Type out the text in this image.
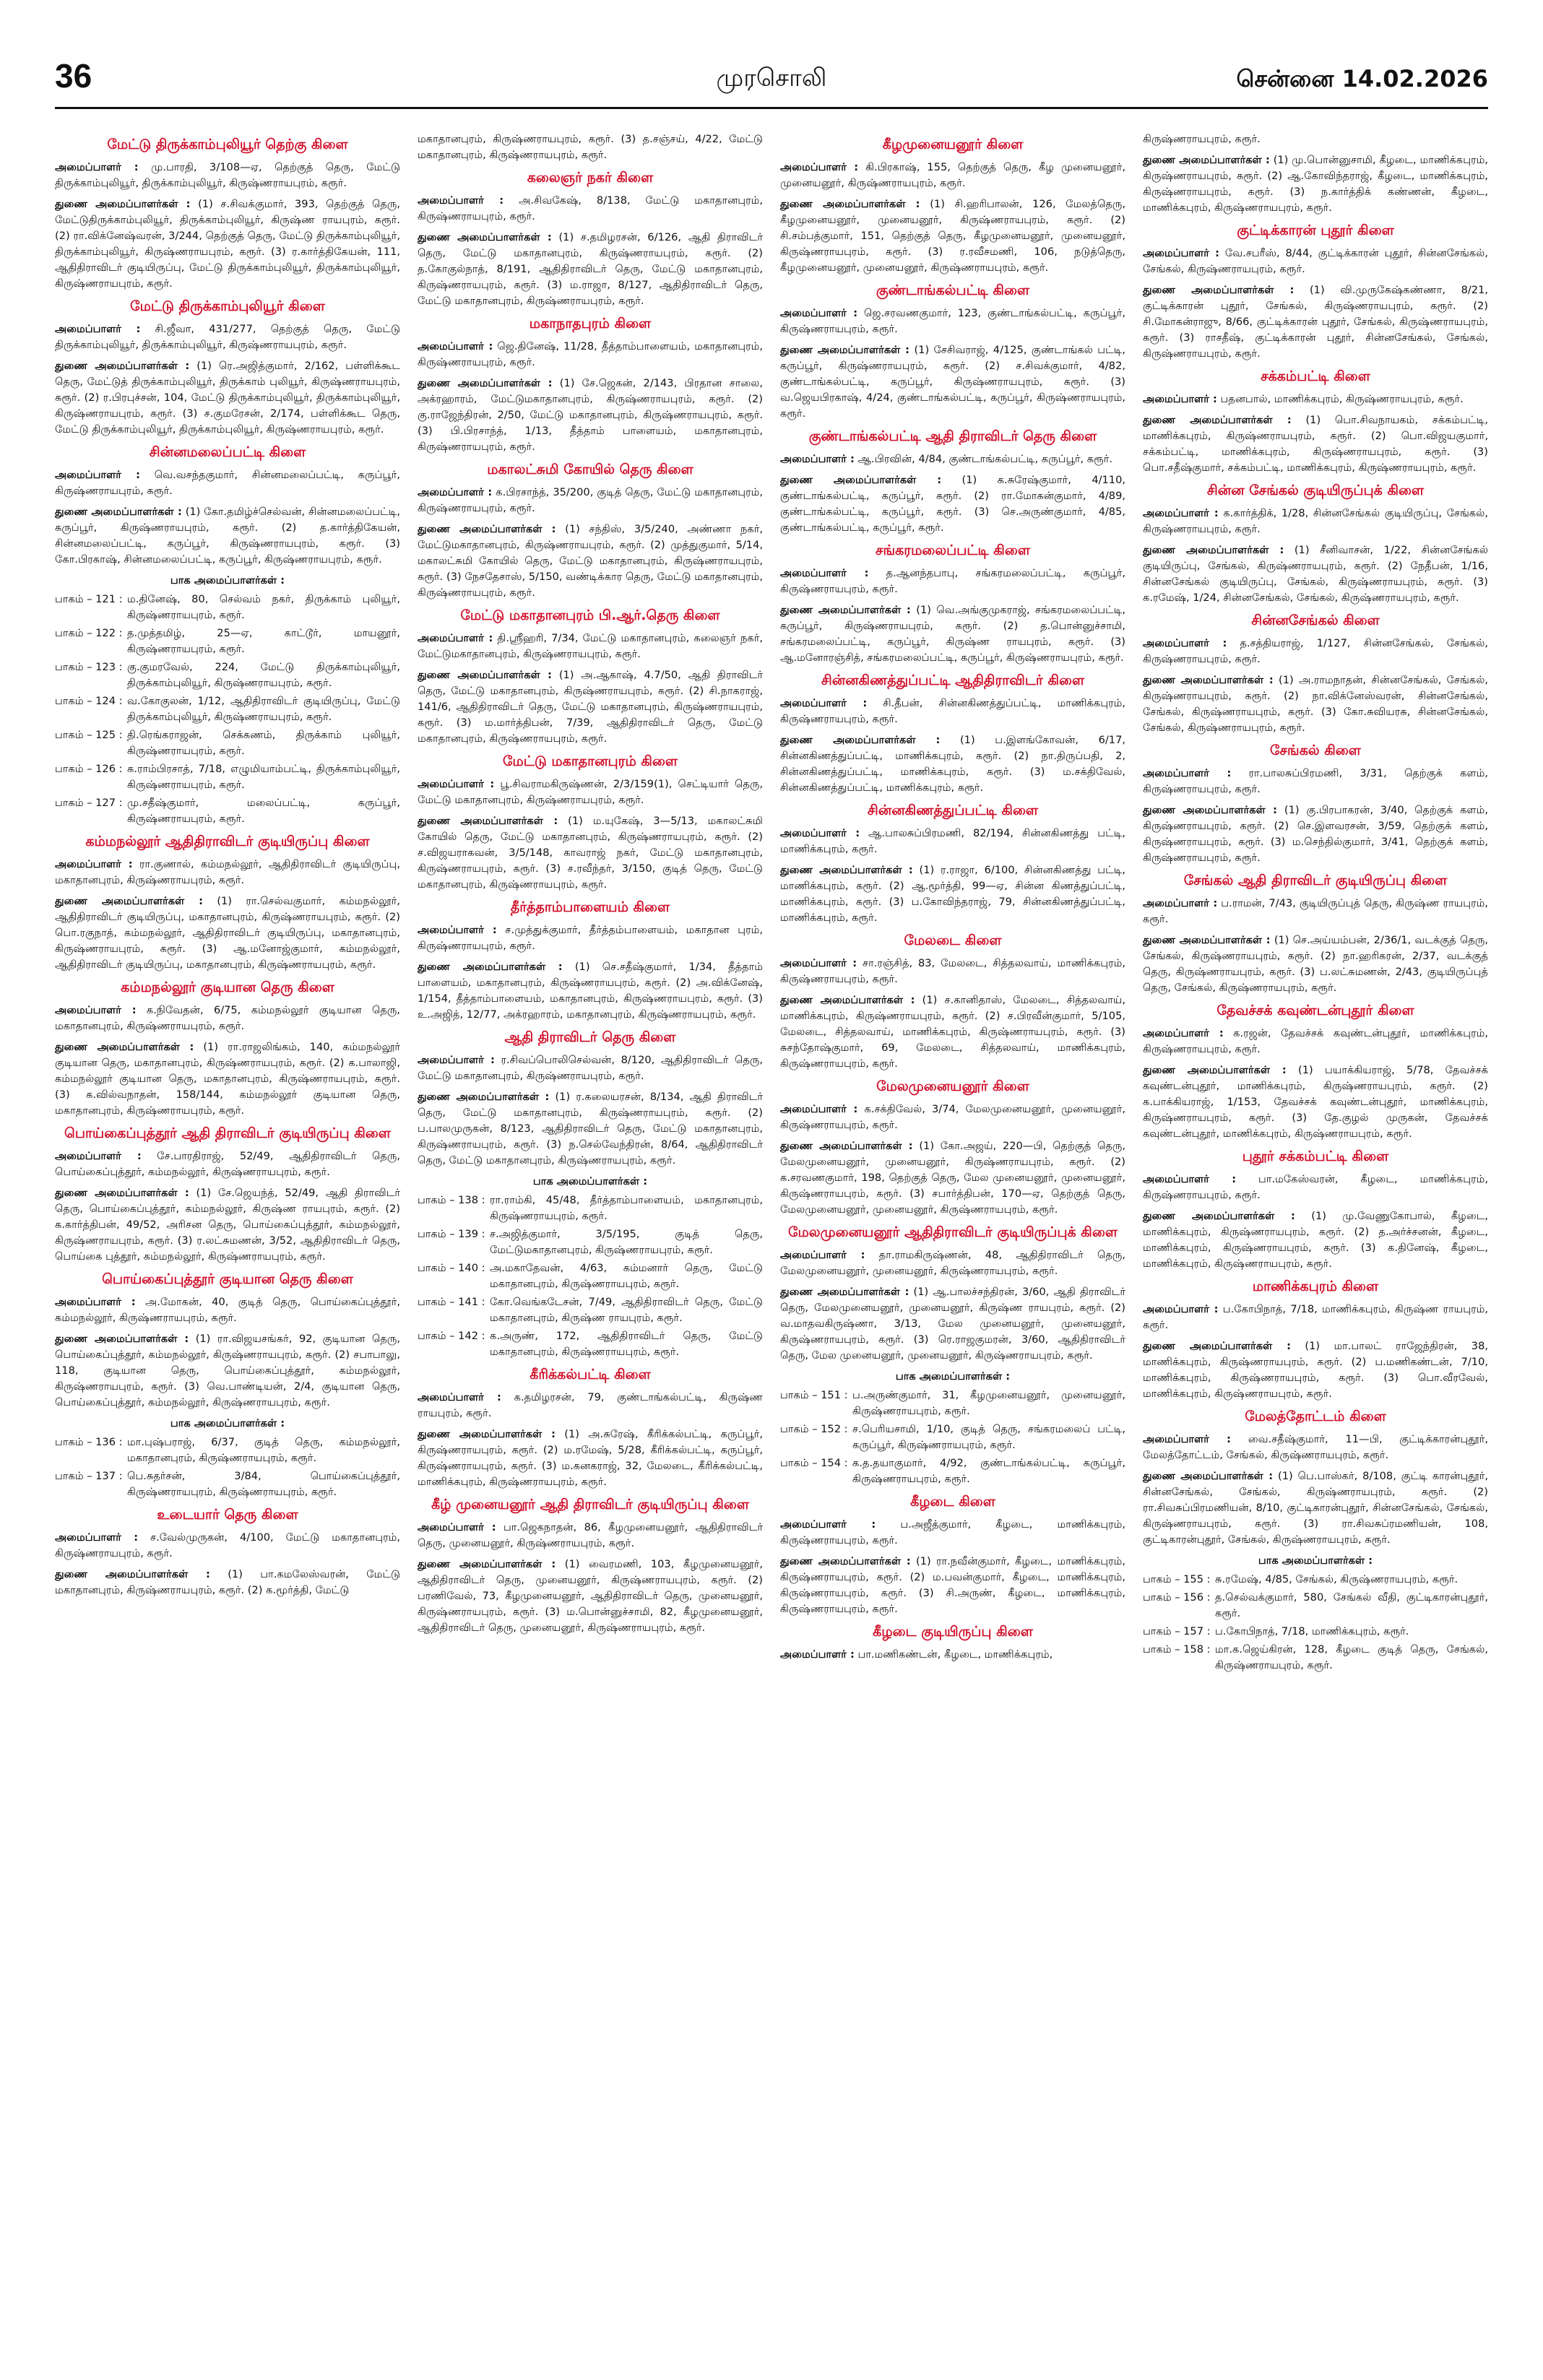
36	முரசொலி	சென்னை 14.02.2026
மேட்டு திருக்காம்புலியூர் தெற்கு கிளை

அமைப்பாளர் : மு.பாரதி, 3/108—ஏ, தெற்குத் தெரு, மேட்டு திருக்காம்புலியூர், திருக்காம்புலியூர், கிருஷ்ணராயபுரம், கரூர்.

துணை அமைப்பாளர்கள் : (1) ச.சிவக்குமார், 393, தெற்குத் தெரு, மேட்டுதிருக்காம்புலியூர், திருக்காம்புலியூர், கிருஷ்ண ராயபுரம், கரூர். (2) ரா.விக்னேஷ்வரன், 3/244, தெற்குத் தெரு, மேட்டு திருக்காம்புலியூர், திருக்காம்புலியூர், கிருஷ்ணராயபுரம், கரூர். (3) ர.கார்த்திகேயன், 111, ஆதிதிராவிடர் குடியிருப்பு, மேட்டு திருக்காம்புலியூர், திருக்காம்புலியூர், கிருஷ்ணராயபுரம், கரூர்.

மேட்டு திருக்காம்புலியூர் கிளை

அமைப்பாளர் : சி.ஜீவா, 431/277, தெற்குத் தெரு, மேட்டு திருக்காம்புலியூர், திருக்காம்புலியூர், கிருஷ்ணராயபுரம், கரூர்.

துணை அமைப்பாளர்கள் : (1) ரெ.அஜித்குமார், 2/162, பள்ளிக்கூட தெரு, மேட்டுத் திருக்காம்புலியூர், திருக்காம் புலியூர், கிருஷ்ணராயபுரம், கரூர். (2) ர.பிரபுச்சன், 104, மேட்டு திருக்காம்புலியூர், திருக்காம்புலியூர், கிருஷ்ணராயபுரம், கரூர். (3) ச.குமரேசன், 2/174, பள்ளிக்கூட தெரு, மேட்டு திருக்காம்புலியூர், திருக்காம்புலியூர், கிருஷ்ணராயபுரம், கரூர்.

சின்னமலைப்பட்டி கிளை

அமைப்பாளர் : வெ.வசந்தகுமார், சின்னமலைப்பட்டி, கருப்பூர், கிருஷ்ணராயபுரம், கரூர்.

துணை அமைப்பாளர்கள் : (1) கோ.தமிழ்ச்செல்வன், சின்னமலைப்பட்டி, கருப்பூர், கிருஷ்ணராயபுரம், கரூர். (2) த.கார்த்திகேயன், சின்னமலைப்பட்டி, கருப்பூர், கிருஷ்ணராயபுரம், கரூர். (3) கோ.பிரகாஷ், சின்னமலைப்பட்டி, கருப்பூர், கிருஷ்ணராயபுரம், கரூர்.

பாக அமைப்பாளர்கள் :
பாகம் – 121 : ம.தினேஷ், 80, செல்வம் நகர், திருக்காம் புலியூர், கிருஷ்ணராயபுரம், கரூர்.
பாகம் – 122 : த.முத்தமிழ், 25—ஏ, காட்டூர், மாயனூர், கிருஷ்ணராயபுரம், கரூர்.
பாகம் – 123 : கு.குமரவேல், 224, மேட்டு திருக்காம்புலியூர், திருக்காம்புலியூர், கிருஷ்ணராயபுரம், கரூர்.
பாகம் – 124 : வ.கோகுலன், 1/12, ஆதிதிராவிடர் குடியிருப்பு, மேட்டு திருக்காம்புலியூர், கிருஷ்ணராயபுரம், கரூர்.
பாகம் – 125 : தி.ரெங்கராஜன், செக்கணம், திருக்காம் புலியூர், கிருஷ்ணராயபுரம், கரூர்.
பாகம் – 126 : க.ராம்பிரசாத், 7/18, எழுமியாம்பட்டி, திருக்காம்புலியூர், கிருஷ்ணராயபுரம், கரூர்.
பாகம் – 127 : மு.சதீஷ்குமார், மலைப்பட்டி, கருப்பூர், கிருஷ்ணராயபுரம், கரூர்.
கம்மநல்லூர் ஆதிதிராவிடர் குடியிருப்பு கிளை

அமைப்பாளர் : ரா.குணால், கம்மநல்லூர், ஆதிதிராவிடர் குடியிருப்பு, மகாதானபுரம், கிருஷ்ணராயபுரம், கரூர்.

துணை அமைப்பாளர்கள் : (1) ரா.செல்வகுமார், கம்மநல்லூர், ஆதிதிராவிடர் குடியிருப்பு, மகாதானபுரம், கிருஷ்ணராயபுரம், கரூர். (2) பொ.ரகுநாத், கம்மநல்லூர், ஆதிதிராவிடர் குடியிருப்பு, மகாதானபுரம், கிருஷ்ணராயபுரம், கரூர். (3) ஆ.மனோஜ்குமார், கம்மநல்லூர், ஆதிதிராவிடர் குடியிருப்பு, மகாதானபுரம், கிருஷ்ணராயபுரம், கரூர்.

கம்மநல்லூர் குடியான தெரு கிளை

அமைப்பாளர் : க.நிவேதன், 6/75, கம்மநல்லூர் குடியான தெரு, மகாதானபுரம், கிருஷ்ணராயபுரம், கரூர்.

துணை அமைப்பாளர்கள் : (1) ரா.ராஜலிங்கம், 140, கம்மநல்லூர் குடியான தெரு, மகாதானபுரம், கிருஷ்ணராயபுரம், கரூர். (2) க.பாலாஜி, கம்மநல்லூர் குடியான தெரு, மகாதானபுரம், கிருஷ்ணராயபுரம், கரூர். (3) க.வில்வநாதன், 158/144, கம்மநல்லூர் குடியான தெரு, மகாதானபுரம், கிருஷ்ணராயபுரம், கரூர்.

பொய்கைப்புத்தூர் ஆதி திராவிடர் குடியிருப்பு கிளை

அமைப்பாளர் : சே.பாரதிராஜ், 52/49, ஆதிதிராவிடர் தெரு, பொய்கைப்புத்தூர், கம்மநல்லூர், கிருஷ்ணராயபுரம், கரூர்.

துணை அமைப்பாளர்கள் : (1) சே.ஜெயந்த், 52/49, ஆதி திராவிடர் தெரு, பொய்கைப்புத்தூர், கம்மநல்லூர், கிருஷ்ண ராயபுரம், கரூர். (2) க.கார்த்திபன், 49/52, அரிசன தெரு, பொய்கைப்புத்தூர், கம்மநல்லூர், கிருஷ்ணராயபுரம், கரூர். (3) ர.லட்சுமணன், 3/52, ஆதிதிராவிடர் தெரு, பொய்கை புத்தூர், கம்மநல்லூர், கிருஷ்ணராயபுரம், கரூர்.

பொய்கைப்புத்தூர் குடியான தெரு கிளை

அமைப்பாளர் : அ.மோகன், 40, குடித் தெரு, பொய்கைப்புத்தூர், கம்மநல்லூர், கிருஷ்ணராயபுரம், கரூர்.

துணை அமைப்பாளர்கள் : (1) ரா.விஜயசங்கர், 92, குடியான தெரு, பொய்கைப்புத்தூர், கம்மநல்லூர், கிருஷ்ணராயபுரம், கரூர். (2) சபாபாலு, 118, குடியான தெரு, பொய்கைப்புத்தூர், கம்மநல்லூர், கிருஷ்ணராயபுரம், கரூர். (3) வெ.பாண்டியன், 2/4, குடியான தெரு, பொய்கைப்புத்தூர், கம்மநல்லூர், கிருஷ்ணராயபுரம், கரூர்.

பாக அமைப்பாளர்கள் :
பாகம் – 136 : மா.புஷ்பராஜ், 6/37, குடித் தெரு, கம்மநல்லூர், மகாதானபுரம், கிருஷ்ணராயபுரம், கரூர்.
பாகம் – 137 : பெ.சுதர்சன், 3/84, பொய்கைப்புத்தூர், கிருஷ்ணராயபுரம், கிருஷ்ணராயபுரம், கரூர்.
உடையார் தெரு கிளை

அமைப்பாளர் : ச.வேல்முருகன், 4/100, மேட்டு மகாதானபுரம், கிருஷ்ணராயபுரம், கரூர்.

துணை அமைப்பாளர்கள் : (1) பா.கமலேஸ்வரன், மேட்டு மகாதானபுரம், கிருஷ்ணராயபுரம், கரூர். (2) க.மூர்த்தி, மேட்டு

மகாதானபுரம், கிருஷ்ணராயபுரம், கரூர். (3) த.சஞ்சய், 4/22, மேட்டு மகாதானபுரம், கிருஷ்ணராயபுரம், கரூர்.

கலைஞர் நகர் கிளை

அமைப்பாளர் : அ.சிவகேஷ், 8/138, மேட்டு மகாதானபுரம், கிருஷ்ணராயபுரம், கரூர்.

துணை அமைப்பாளர்கள் : (1) ச.தமிழரசன், 6/126, ஆதி திராவிடர் தெரு, மேட்டு மகாதானபுரம், கிருஷ்ணராயபுரம், கரூர். (2) த.கோகுல்நாத், 8/191, ஆதிதிராவிடர் தெரு, மேட்டு மகாதானபுரம், கிருஷ்ணராயபுரம், கரூர். (3) ம.ராஜா, 8/127, ஆதிதிராவிடர் தெரு, மேட்டு மகாதானபுரம், கிருஷ்ணராயபுரம், கரூர்.

மகாநாதபுரம் கிளை

அமைப்பாளர் : ஜெ.தினேஷ், 11/28, தீத்தாம்பாளையம், மகாதானபுரம், கிருஷ்ணராயபுரம், கரூர்.

துணை அமைப்பாளர்கள் : (1) சே.ஜெகன், 2/143, பிரதான சாலை, அக்ரஹாரம், மேட்டுமகாதானபுரம், கிருஷ்ணராயபுரம், கரூர். (2) கு.ராஜேந்திரன், 2/50, மேட்டு மகாதானபுரம், கிருஷ்ணராயபுரம், கரூர். (3) பி.பிரசாந்த், 1/13, தீத்தாம் பாளையம், மகாதானபுரம், கிருஷ்ணராயபுரம், கரூர்.

மகாலட்சுமி கோயில் தெரு கிளை

அமைப்பாளர் : க.பிரசாந்த், 35/200, குடித் தெரு, மேட்டு மகாதானபுரம், கிருஷ்ணராயபுரம், கரூர்.

துணை அமைப்பாளர்கள் : (1) சந்திஸ், 3/5/240, அண்ணா நகர், மேட்டுமகாதானபுரம், கிருஷ்ணராயபுரம், கரூர். (2) முத்துகுமார், 5/14, மகாலட்சுமி கோயில் தெரு, மேட்டு மகாதானபுரம், கிருஷ்ணராயபுரம், கரூர். (3) நேசதேசாஸ், 5/150, வண்டிக்கார தெரு, மேட்டு மகாதானபுரம், கிருஷ்ணராயபுரம், கரூர்.

மேட்டு மகாதானபுரம் பி.ஆர்.தெரு கிளை

அமைப்பாளர் : தி.ஸ்ரீஹரி, 7/34, மேட்டு மகாதானபுரம், கலைஞர் நகர், மேட்டுமகாதானபுரம், கிருஷ்ணராயபுரம், கரூர்.

துணை அமைப்பாளர்கள் : (1) அ.ஆகாஷ், 4.7/50, ஆதி திராவிடர் தெரு, மேட்டு மகாதானபுரம், கிருஷ்ணராயபுரம், கரூர். (2) சி.நாகராஜ், 141/6, ஆதிதிராவிடர் தெரு, மேட்டு மகாதானபுரம், கிருஷ்ணராயபுரம், கரூர். (3) ம.மார்த்திபன், 7/39, ஆதிதிராவிடர் தெரு, மேட்டு மகாதானபுரம், கிருஷ்ணராயபுரம், கரூர்.

மேட்டு மகாதானபுரம் கிளை

அமைப்பாளர் : பூ.சிவராமகிருஷ்ணன், 2/3/159(1), செட்டியார் தெரு, மேட்டு மகாதானபுரம், கிருஷ்ணராயபுரம், கரூர்.

துணை அமைப்பாளர்கள் : (1) ம.யுகேஷ், 3—5/13, மகாலட்சுமி கோயில் தெரு, மேட்டு மகாதானபுரம், கிருஷ்ணராயபுரம், கரூர். (2) ச.விஜயராகவன், 3/5/148, காவராஜ் நகர், மேட்டு மகாதானபுரம், கிருஷ்ணராயபுரம், கரூர். (3) ச.ரவீந்தர், 3/150, குடித் தெரு, மேட்டு மகாதானபுரம், கிருஷ்ணராயபுரம், கரூர்.

தீர்த்தாம்பாளையம் கிளை

அமைப்பாளர் : ச.முத்துக்குமார், தீர்த்தம்பாளையம், மகாதான புரம், கிருஷ்ணராயபுரம், கரூர்.

துணை அமைப்பாளர்கள் : (1) செ.சதீஷ்குமார், 1/34, தீத்தாம் பாளையம், மகாதானபுரம், கிருஷ்ணராயபுரம், கரூர். (2) அ.விக்னேஷ், 1/154, தீத்தாம்பாளையம், மகாதானபுரம், கிருஷ்ணராயபுரம், கரூர். (3) உ.அஜித், 12/77, அக்ரஹாரம், மகாதானபுரம், கிருஷ்ணராயபுரம், கரூர்.

ஆதி திராவிடர் தெரு கிளை

அமைப்பாளர் : ர.சிவப்பொலிசெல்வன், 8/120, ஆதிதிராவிடர் தெரு, மேட்டு மகாதானபுரம், கிருஷ்ணராயபுரம், கரூர்.

துணை அமைப்பாளர்கள் : (1) ர.கலையரசன், 8/134, ஆதி திராவிடர் தெரு, மேட்டு மகாதானபுரம், கிருஷ்ணராயபுரம், கரூர். (2) ப.பாலமுருகன், 8/123, ஆதிதிராவிடர் தெரு, மேட்டு மகாதானபுரம், கிருஷ்ணராயபுரம், கரூர். (3) ந.செல்வேந்திரன், 8/64, ஆதிதிராவிடர் தெரு, மேட்டு மகாதானபுரம், கிருஷ்ணராயபுரம், கரூர்.

பாக அமைப்பாளர்கள் :
பாகம் – 138 : ரா.ராம்கி, 45/48, தீர்த்தாம்பாளையம், மகாதானபுரம், கிருஷ்ணராயபுரம், கரூர்.
பாகம் – 139 : ச.அஜித்குமார், 3/5/195, குடித் தெரு, மேட்டுமகாதானபுரம், கிருஷ்ணராயபுரம், கரூர்.
பாகம் – 140 : அ.மகாதேவன், 4/63, கம்மனார் தெரு, மேட்டு மகாதானபுரம், கிருஷ்ணராயபுரம், கரூர்.
பாகம் – 141 : கோ.வெங்கடேசன், 7/49, ஆதிதிராவிடர் தெரு, மேட்டு மகாதானபுரம், கிருஷ்ண ராயபுரம், கரூர்.
பாகம் – 142 : க.அருண், 172, ஆதிதிராவிடர் தெரு, மேட்டு மகாதானபுரம், கிருஷ்ணராயபுரம், கரூர்.
கீரிக்கல்பட்டி கிளை

அமைப்பாளர் : க.தமிழரசன், 79, குண்டாங்கல்பட்டி, கிருஷ்ண ராயபுரம், கரூர்.

துணை அமைப்பாளர்கள் : (1) அ.சுரேஷ், கீரிக்கல்பட்டி, கருப்பூர், கிருஷ்ணராயபுரம், கரூர். (2) ம.ரமேஷ், 5/28, கீரிக்கல்பட்டி, கருப்பூர், கிருஷ்ணராயபுரம், கரூர். (3) ம.கனகராஜ், 32, மேலடை, கீரிக்கல்பட்டி, மாணிக்கபுரம், கிருஷ்ணராயபுரம், கரூர்.

கீழ் முனையனூர் ஆதி திராவிடர் குடியிருப்பு கிளை

அமைப்பாளர் : பா.ஜெகநாதன், 86, கீழமுனையனூர், ஆதிதிராவிடர் தெரு, முனையனூர், கிருஷ்ணராயபுரம், கரூர்.

துணை அமைப்பாளர்கள் : (1) வைரமணி, 103, கீழமுனையனூர், ஆதிதிராவிடர் தெரு, முனையனூர், கிருஷ்ணராயபுரம், கரூர். (2) பரணிவேல், 73, கீழமுனையனூர், ஆதிதிராவிடர் தெரு, முனையனூர், கிருஷ்ணராயபுரம், கரூர். (3) ம.பொன்னுச்சாமி, 82, கீழமுனையனூர், ஆதிதிராவிடர் தெரு, முனையனூர், கிருஷ்ணராயபுரம், கரூர்.

கீழமுனையனூர் கிளை

அமைப்பாளர் : கி.பிரகாஷ், 155, தெற்குத் தெரு, கீழ முனையனூர், முனையனூர், கிருஷ்ணராயபுரம், கரூர்.

துணை அமைப்பாளர்கள் : (1) சி.ஹரிபாலன், 126, மேலத்தெரு, கீழமுனையனூர், முனையனூர், கிருஷ்ணராயபுரம், கரூர். (2) சி.சம்பத்குமார், 151, தெற்குத் தெரு, கீழமுனையனூர், முனையனூர், கிருஷ்ணராயபுரம், கரூர். (3) ர.ரவீசமணி, 106, நடுத்தெரு, கீழமுனையனூர், முனையனூர், கிருஷ்ணராயபுரம், கரூர்.

குண்டாங்கல்பட்டி கிளை

அமைப்பாளர் : ஜெ.சரவணகுமார், 123, குண்டாங்கல்பட்டி, கருப்பூர், கிருஷ்ணராயபுரம், கரூர்.

துணை அமைப்பாளர்கள் : (1) சேசிவராஜ், 4/125, குண்டாங்கல் பட்டி, கருப்பூர், கிருஷ்ணராயபுரம், கரூர். (2) ச.சிவக்குமார், 4/82, குண்டாங்கல்பட்டி, கருப்பூர், கிருஷ்ணராயபுரம், கரூர். (3) வ.ஜெயபிரகாஷ், 4/24, குண்டாங்கல்பட்டி, கருப்பூர், கிருஷ்ணராயபுரம், கரூர்.

குண்டாங்கல்பட்டி ஆதி திராவிடர் தெரு கிளை

அமைப்பாளர் : ஆ.பிரவின், 4/84, குண்டாங்கல்பட்டி, கருப்பூர், கரூர்.

துணை அமைப்பாளர்கள் : (1) க.சுரேஷ்குமார், 4/110, குண்டாங்கல்பட்டி, கருப்பூர், கரூர். (2) ரா.மோகன்குமார், 4/89, குண்டாங்கல்பட்டி, கருப்பூர், கரூர். (3) செ.அருண்குமார், 4/85, குண்டாங்கல்பட்டி, கருப்பூர், கரூர்.

சங்கரமலைப்பட்டி கிளை

அமைப்பாளர் : த.ஆனந்தபாபு, சங்கரமலைப்பட்டி, கருப்பூர், கிருஷ்ணராயபுரம், கரூர்.

துணை அமைப்பாளர்கள் : (1) வெ.அங்குமுகராஜ், சங்கரமலைப்பட்டி, கருப்பூர், கிருஷ்ணராயபுரம், கரூர். (2) த.பொன்னுச்சாமி, சங்கரமலைப்பட்டி, கருப்பூர், கிருஷ்ண ராயபுரம், கரூர். (3) ஆ.மனோரஞ்சித், சங்கரமலைப்பட்டி, கருப்பூர், கிருஷ்ணராயபுரம், கரூர்.

சின்னகிணத்துப்பட்டி ஆதிதிராவிடர் கிளை

அமைப்பாளர் : சி.தீபன், சின்னகிணத்துப்பட்டி, மாணிக்கபுரம், கிருஷ்ணராயபுரம், கரூர்.

துணை அமைப்பாளர்கள் : (1) ப.இளங்கோவன், 6/17, சின்னகிணத்துப்பட்டி, மாணிக்கபுரம், கரூர். (2) நா.திருப்பதி, 2, சின்னகிணத்துப்பட்டி, மாணிக்கபுரம், கரூர். (3) ம.சக்திவேல், சின்னகிணத்துப்பட்டி, மாணிக்கபுரம், கரூர்.

சின்னகிணத்துப்பட்டி கிளை

அமைப்பாளர் : ஆ.பாலசுப்பிரமணி, 82/194, சின்னகிணத்து பட்டி, மாணிக்கபுரம், கரூர்.

துணை அமைப்பாளர்கள் : (1) ர.ராஜா, 6/100, சின்னகிணத்து பட்டி, மாணிக்கபுரம், கரூர். (2) ஆ.மூர்த்தி, 99—ஏ, சின்ன கிணத்துப்பட்டி, மாணிக்கபுரம், கரூர். (3) ப.கோவிந்தராஜ், 79, சின்னகிணத்துப்பட்டி, மாணிக்கபுரம், கரூர்.

மேலடை கிளை

அமைப்பாளர் : சா.ரஞ்சித், 83, மேலடை, சித்தலவாய், மாணிக்கபுரம், கிருஷ்ணராயபுரம், கரூர்.

துணை அமைப்பாளர்கள் : (1) ச.கானிதாஸ், மேலடை, சித்தலவாய், மாணிக்கபுரம், கிருஷ்ணராயபுரம், கரூர். (2) ச.பிரவீன்குமார், 5/105, மேலடை, சித்தலவாய், மாணிக்கபுரம், கிருஷ்ணராயபுரம், கரூர். (3) சுசந்தோஷ்குமார், 69, மேலடை, சித்தலவாய், மாணிக்கபுரம், கிருஷ்ணராயபுரம், கரூர்.

மேலமுனையனூர் கிளை

அமைப்பாளர் : க.சக்திவேல், 3/74, மேலமுனையனூர், முனையனூர், கிருஷ்ணராயபுரம், கரூர்.

துணை அமைப்பாளர்கள் : (1) கோ.அஜய், 220—பி, தெற்குத் தெரு, மேலமுனையனூர், முனையனூர், கிருஷ்ணராயபுரம், கரூர். (2) க.சரவணகுமார், 198, தெற்குத் தெரு, மேல முனையனூர், முனையனூர், கிருஷ்ணராயபுரம், கரூர். (3) சபார்த்திபன், 170—ஏ, தெற்குத் தெரு, மேலமுனையனூர், முனையனூர், கிருஷ்ணராயபுரம், கரூர்.

மேலமுனையனூர் ஆதிதிராவிடர் குடியிருப்புக் கிளை

அமைப்பாளர் : தா.ராமகிருஷ்ணன், 48, ஆதிதிராவிடர் தெரு, மேலமுனையனூர், முனையனூர், கிருஷ்ணராயபுரம், கரூர்.

துணை அமைப்பாளர்கள் : (1) ஆ.பாலச்சந்திரன், 3/60, ஆதி திராவிடர் தெரு, மேலமுனையனூர், முனையனூர், கிருஷ்ண ராயபுரம், கரூர். (2) வ.மாதவகிருஷ்ணா, 3/13, மேல முனையனூர், முனையனூர், கிருஷ்ணராயபுரம், கரூர். (3) ரெ.ராஜகுமரன், 3/60, ஆதிதிராவிடர் தெரு, மேல முனையனூர், முனையனூர், கிருஷ்ணராயபுரம், கரூர்.

பாக அமைப்பாளர்கள் :
பாகம் – 151 : ப.அருண்குமார், 31, கீழமுனையனூர், முனையனூர், கிருஷ்ணராயபுரம், கரூர்.
பாகம் – 152 : ச.பெரியசாமி, 1/10, குடித் தெரு, சங்கரமலைப் பட்டி, கருப்பூர், கிருஷ்ணராயபுரம், கரூர்.
பாகம் – 154 : க.த.தயாகுமார், 4/92, குண்டாங்கல்பட்டி, கருப்பூர், கிருஷ்ணராயபுரம், கரூர்.
கீழடை கிளை

அமைப்பாளர் : ப.அஜீத்குமார், கீழடை, மாணிக்கபுரம், கிருஷ்ணராயபுரம், கரூர்.

துணை அமைப்பாளர்கள் : (1) ரா.நவீன்குமார், கீழடை, மாணிக்கபுரம், கிருஷ்ணராயபுரம், கரூர். (2) ம.பவன்குமார், கீழடை, மாணிக்கபுரம், கிருஷ்ணராயபுரம், கரூர். (3) சி.அருண், கீழடை, மாணிக்கபுரம், கிருஷ்ணராயபுரம், கரூர்.

கீழடை குடியிருப்பு கிளை

அமைப்பாளர் : பா.மணிகண்டன், கீழடை, மாணிக்கபுரம்,

கிருஷ்ணராயபுரம், கரூர்.

துணை அமைப்பாளர்கள் : (1) மு.பொன்னுசாமி, கீழடை, மாணிக்கபுரம், கிருஷ்ணராயபுரம், கரூர். (2) ஆ.கோவிந்தராஜ், கீழடை, மாணிக்கபுரம், கிருஷ்ணராயபுரம், கரூர். (3) ந.கார்த்திக் கண்ணன், கீழடை, மாணிக்கபுரம், கிருஷ்ணராயபுரம், கரூர்.

குட்டிக்காரன் புதூர் கிளை

அமைப்பாளர் : வே.சபரீஸ், 8/44, குட்டிக்காரன் புதூர், சின்னசேங்கல், சேங்கல், கிருஷ்ணராயபுரம், கரூர்.

துணை அமைப்பாளர்கள் : (1) வி.முருகேஷ்கண்ணா, 8/21, குட்டிக்காரன் புதூர், சேங்கல், கிருஷ்ணராயபுரம், கரூர். (2) சி.மோகன்ராஜு, 8/66, குட்டிக்காரன் புதூர், சேங்கல், கிருஷ்ணராயபுரம், கரூர். (3) ராசதீஷ், குட்டிக்காரன் புதூர், சின்னசேங்கல், சேங்கல், கிருஷ்ணராயபுரம், கரூர்.

சக்கம்பட்டி கிளை

அமைப்பாளர் : பதனபால், மாணிக்கபுரம், கிருஷ்ணராயபுரம், கரூர்.

துணை அமைப்பாளர்கள் : (1) பொ.சிவநாயகம், சக்கம்பட்டி, மாணிக்கபுரம், கிருஷ்ணராயபுரம், கரூர். (2) பொ.விஜயகுமார், சக்கம்பட்டி, மாணிக்கபுரம், கிருஷ்ணராயபுரம், கரூர். (3) பொ.சதீஷ்குமார், சக்கம்பட்டி, மாணிக்கபுரம், கிருஷ்ணராயபுரம், கரூர்.

சின்ன சேங்கல் குடியிருப்புக் கிளை

அமைப்பாளர் : க.கார்த்திக், 1/28, சின்னசேங்கல் குடியிருப்பு, சேங்கல், கிருஷ்ணராயபுரம், கரூர்.

துணை அமைப்பாளர்கள் : (1) சீனிவாசன், 1/22, சின்னசேங்கல் குடியிருப்பு, சேங்கல், கிருஷ்ணராயபுரம், கரூர். (2) நேதீபன், 1/16, சின்னசேங்கல் குடியிருப்பு, சேங்கல், கிருஷ்ணராயபுரம், கரூர். (3) க.ரமேஷ், 1/24, சின்னசேங்கல், சேங்கல், கிருஷ்ணராயபுரம், கரூர்.

சின்னசேங்கல் கிளை

அமைப்பாளர் : த.சத்தியராஜ், 1/127, சின்னசேங்கல், சேங்கல், கிருஷ்ணராயபுரம், கரூர்.

துணை அமைப்பாளர்கள் : (1) அ.ராமநாதன், சின்னசேங்கல், சேங்கல், கிருஷ்ணராயபுரம், கரூர். (2) நா.விக்னேஸ்வரன், சின்னசேங்கல், சேங்கல், கிருஷ்ணராயபுரம், கரூர். (3) கோ.சுவியரசு, சின்னசேங்கல், சேங்கல், கிருஷ்ணராயபுரம், கரூர்.

சேங்கல் கிளை

அமைப்பாளர் : ரா.பாலசுப்பிரமணி, 3/31, தெற்குக் களம், கிருஷ்ணராயபுரம், கரூர்.

துணை அமைப்பாளர்கள் : (1) கு.பிரபாகரன், 3/40, தெற்குக் களம், கிருஷ்ணராயபுரம், கரூர். (2) செ.இளவரசன், 3/59, தெற்குக் களம், கிருஷ்ணராயபுரம், கரூர். (3) ம.செந்தில்குமார், 3/41, தெற்குக் களம், கிருஷ்ணராயபுரம், கரூர்.

சேங்கல் ஆதி திராவிடர் குடியிருப்பு கிளை

அமைப்பாளர் : ப.ராமன், 7/43, குடியிருப்புத் தெரு, கிருஷ்ண ராயபுரம், கரூர்.

துணை அமைப்பாளர்கள் : (1) செ.அய்யம்பன், 2/36/1, வடக்குத் தெரு, சேங்கல், கிருஷ்ணராயபுரம், கரூர். (2) நா.ஹரிகரன், 2/37, வடக்குத் தெரு, கிருஷ்ணராயபுரம், கரூர். (3) ப.லட்சுமணன், 2/43, குடியிருப்புத் தெரு, சேங்கல், கிருஷ்ணராயபுரம், கரூர்.

தேவச்சக் கவுண்டன்புதூர் கிளை

அமைப்பாளர் : க.ரஜன், தேவச்சக் கவுண்டன்புதூர், மாணிக்கபுரம், கிருஷ்ணராயபுரம், கரூர்.

துணை அமைப்பாளர்கள் : (1) பயாக்கியராஜ், 5/78, தேவச்சக் கவுண்டன்புதூர், மாணிக்கபுரம், கிருஷ்ணராயபுரம், கரூர். (2) க.பாக்கியராஜ், 1/153, தேவச்சக் கவுண்டன்புதூர், மாணிக்கபுரம், கிருஷ்ணராயபுரம், கரூர். (3) தே.குழல் முருகன், தேவச்சக் கவுண்டன்புதூர், மாணிக்கபுரம், கிருஷ்ணராயபுரம், கரூர்.

புதூர் சக்கம்பட்டி கிளை

அமைப்பாளர் : பா.மகேஸ்வரன், கீழடை, மாணிக்கபுரம், கிருஷ்ணராயபுரம், கரூர்.

துணை அமைப்பாளர்கள் : (1) மு.வேணுகோபால், கீழடை, மாணிக்கபுரம், கிருஷ்ணராயபுரம், கரூர். (2) த.அர்ச்சனன், கீழடை, மாணிக்கபுரம், கிருஷ்ணராயபுரம், கரூர். (3) க.தினேஷ், கீழடை, மாணிக்கபுரம், கிருஷ்ணராயபுரம், கரூர்.

மாணிக்கபுரம் கிளை

அமைப்பாளர் : ப.கோபிநாத், 7/18, மாணிக்கபுரம், கிருஷ்ண ராயபுரம், கரூர்.

துணை அமைப்பாளர்கள் : (1) மா.பாலட் ராஜேந்திரன், 38, மாணிக்கபுரம், கிருஷ்ணராயபுரம், கரூர். (2) ப.மணிகண்டன், 7/10, மாணிக்கபுரம், கிருஷ்ணராயபுரம், கரூர். (3) பொ.வீரவேல், மாணிக்கபுரம், கிருஷ்ணராயபுரம், கரூர்.

மேலத்தோட்டம் கிளை

அமைப்பாளர் : வை.சதீஷ்குமார், 11—பி, குட்டிக்காரன்புதூர், மேலத்தோட்டம், சேங்கல், கிருஷ்ணராயபுரம், கரூர்.

துணை அமைப்பாளர்கள் : (1) பெ.பாஸ்கர், 8/108, குட்டி காரன்புதூர், சின்னசேங்கல், சேங்கல், கிருஷ்ணராயபுரம், கரூர். (2) ரா.சிவசுப்பிரமணியன், 8/10, குட்டிகாரன்புதூர், சின்னசேங்கல், சேங்கல், கிருஷ்ணராயபுரம், கரூர். (3) ரா.சிவசுப்ரமணியன், 108, குட்டிகாரன்புதூர், சேங்கல், கிருஷ்ணராயபுரம், கரூர்.

பாக அமைப்பாளர்கள் :
பாகம் – 155 : சு.ரமேஷ், 4/85, சேங்கல், கிருஷ்ணராயபுரம், கரூர்.
பாகம் – 156 : த.செல்வக்குமார், 580, சேங்கல் வீதி, குட்டிகாரன்புதூர், கரூர்.
பாகம் – 157 : ப.கோபிநாத், 7/18, மாணிக்கபுரம், கரூர்.
பாகம் – 158 : மா.க.ஜெய்கிரன், 128, கீழடை குடித் தெரு, சேங்கல், கிருஷ்ணராயபுரம், கரூர்.
